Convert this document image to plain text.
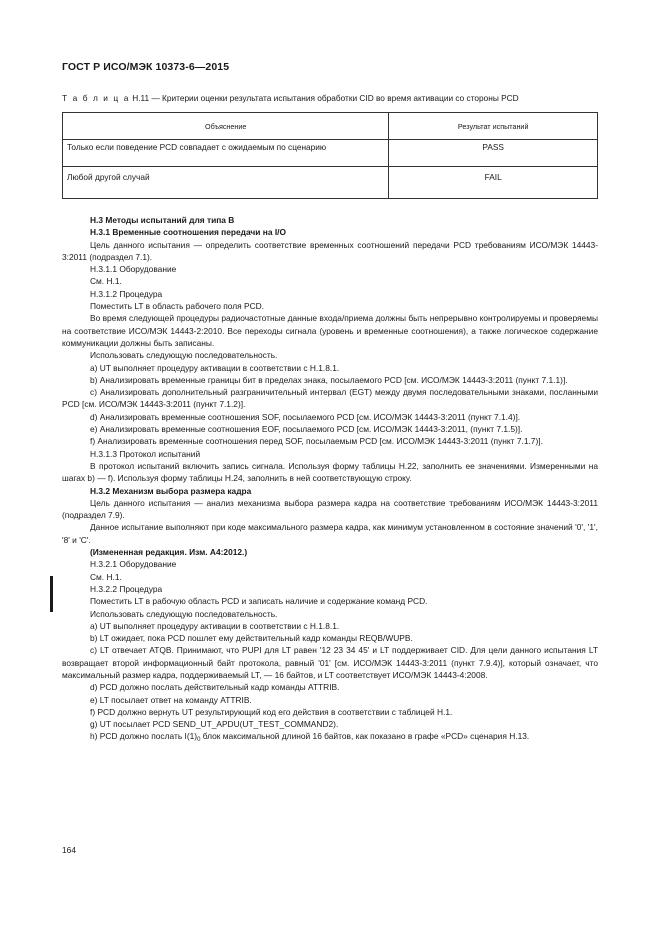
ГОСТ Р ИСО/МЭК 10373-6—2015
Т а б л и ц а Н.11 — Критерии оценки результата испытания обработки CID во время активации со стороны PCD
Объяснение	Результат испытаний
Только если поведение PCD совпадает с ожидаемым по сценарию	PASS
Любой другой случай	FAIL

Н.3 Методы испытаний для типа В

Н.3.1 Временные соотношения передачи на I/O

Цель данного испытания — определить соответствие временных соотношений передачи PCD требованиям ИСО/МЭК 14443-3:2011 (подраздел 7.1).

Н.3.1.1 Оборудование

См. Н.1.

Н.3.1.2 Процедура

Поместить LT в область рабочего поля PCD.

Во время следующей процедуры радиочастотные данные входа/приема должны быть непрерывно контролируемы и проверяемы на соответствие ИСО/МЭК 14443-2:2010. Все переходы сигнала (уровень и временные соотношения), а также логическое содержание коммуникации должны быть записаны.

Использовать следующую последовательность.

а) UT выполняет процедуру активации в соответствии с Н.1.8.1.

b) Анализировать временные границы бит в пределах знака, посылаемого PCD [см. ИСО/МЭК 14443-3:2011 (пункт 7.1.1)].

с) Анализировать дополнительный разграничительный интервал (EGT) между двумя последовательными знаками, посланными PCD [см. ИСО/МЭК 14443-3:2011 (пункт 7.1.2)].

d) Анализировать временные соотношения SOF, посылаемого PCD [см. ИСО/МЭК 14443-3:2011 (пункт 7.1.4)].

е) Анализировать временные соотношения EOF, посылаемого PCD [см. ИСО/МЭК 14443-3:2011, (пункт 7.1.5)].

f) Анализировать временные соотношения перед SOF, посылаемым PCD [см. ИСО/МЭК 14443-3:2011 (пункт 7.1.7)].

Н.3.1.3 Протокол испытаний

В протокол испытаний включить запись сигнала. Используя форму таблицы Н.22, заполнить ее значениями. Измеренными на шагах b) — f). Используя форму таблицы Н.24, заполнить в ней соответствующую строку.

Н.3.2 Механизм выбора размера кадра

Цель данного испытания — анализ механизма выбора размера кадра на соответствие требованиям ИСО/МЭК 14443-3:2011 (подраздел 7.9).

Данное испытание выполняют при коде максимального размера кадра, как минимум установленном в состояние значений '0', '1', '8' и 'С'.

(Измененная редакция. Изм. А4:2012.)

Н.3.2.1 Оборудование

См. Н.1.

Н.3.2.2 Процедура

Поместить LT в рабочую область PCD и записать наличие и содержание команд PCD.

Использовать следующую последовательность.

а) UT выполняет процедуру активации в соответствии с Н.1.8.1.

b) LT ожидает, пока PCD пошлет ему действительный кадр команды REQB/WUPB.

с) LT отвечает ATQB. Принимают, что PUPI для LT равен '12 23 34 45' и LT поддерживает CID. Для цели данного испытания LT возвращает второй информационный байт протокола, равный '01' [см. ИСО/МЭК 14443-3:2011 (пункт 7.9.4)], который означает, что максимальный размер кадра, поддерживаемый LT, — 16 байтов, и LT соответствует ИСО/МЭК 14443-4:2008.

d) PCD должно послать действительный кадр команды ATTRIB.

е) LT посылает ответ на команду ATTRIB.

f) PCD должно вернуть UT результирующий код его действия в соответствии с таблицей Н.1.

g) UT посылает PCD SEND_UT_APDU(UT_TEST_COMMAND2).

h) PCD должно послать $I(1)_0$ блок максимальной длиной 16 байтов, как показано в графе «PCD» сценария Н.13.

164
